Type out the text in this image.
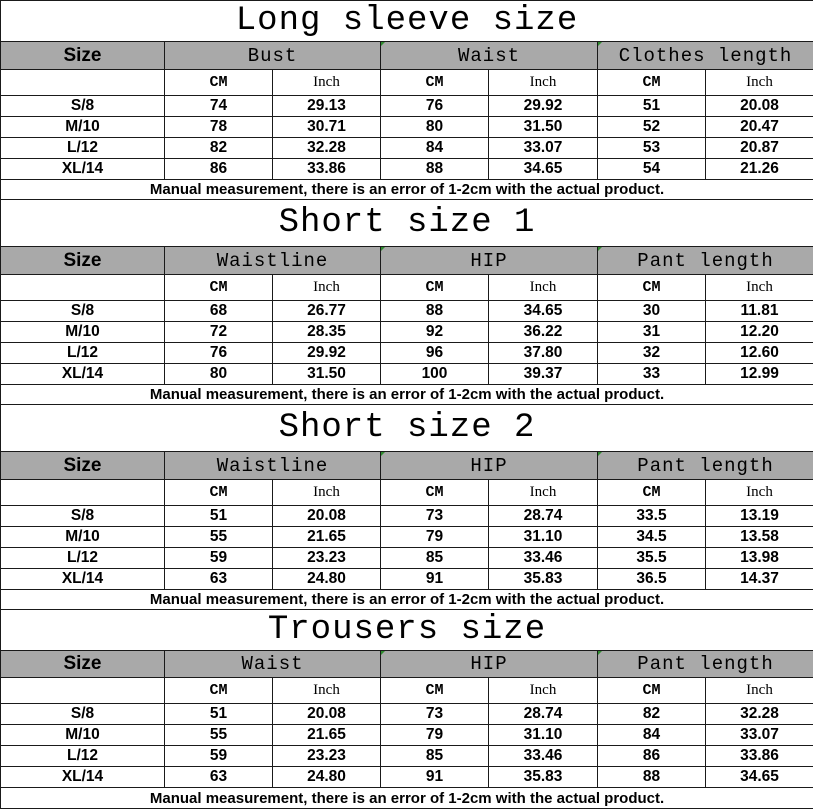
Long sleeve size						
Size	Bust		Waist		Clothes length	
	CM	Inch	CM	Inch	CM	Inch
S/8	74	29.13	76	29.92	51	20.08
M/10	78	30.71	80	31.50	52	20.47
L/12	82	32.28	84	33.07	53	20.87
XL/14	86	33.86	88	34.65	54	21.26
Manual measurement, there is an error of 1-2cm with the actual product.						
Short size 1						
Size	Waistline		HIP		Pant length	
	CM	Inch	CM	Inch	CM	Inch
S/8	68	26.77	88	34.65	30	11.81
M/10	72	28.35	92	36.22	31	12.20
L/12	76	29.92	96	37.80	32	12.60
XL/14	80	31.50	100	39.37	33	12.99
Manual measurement, there is an error of 1-2cm with the actual product.						
Short size 2						
Size	Waistline		HIP		Pant length	
	CM	Inch	CM	Inch	CM	Inch
S/8	51	20.08	73	28.74	33.5	13.19
M/10	55	21.65	79	31.10	34.5	13.58
L/12	59	23.23	85	33.46	35.5	13.98
XL/14	63	24.80	91	35.83	36.5	14.37
Manual measurement, there is an error of 1-2cm with the actual product.						
Trousers size						
Size	Waist		HIP		Pant length	
	CM	Inch	CM	Inch	CM	Inch
S/8	51	20.08	73	28.74	82	32.28
M/10	55	21.65	79	31.10	84	33.07
L/12	59	23.23	85	33.46	86	33.86
XL/14	63	24.80	91	35.83	88	34.65
Manual measurement, there is an error of 1-2cm with the actual product.						
